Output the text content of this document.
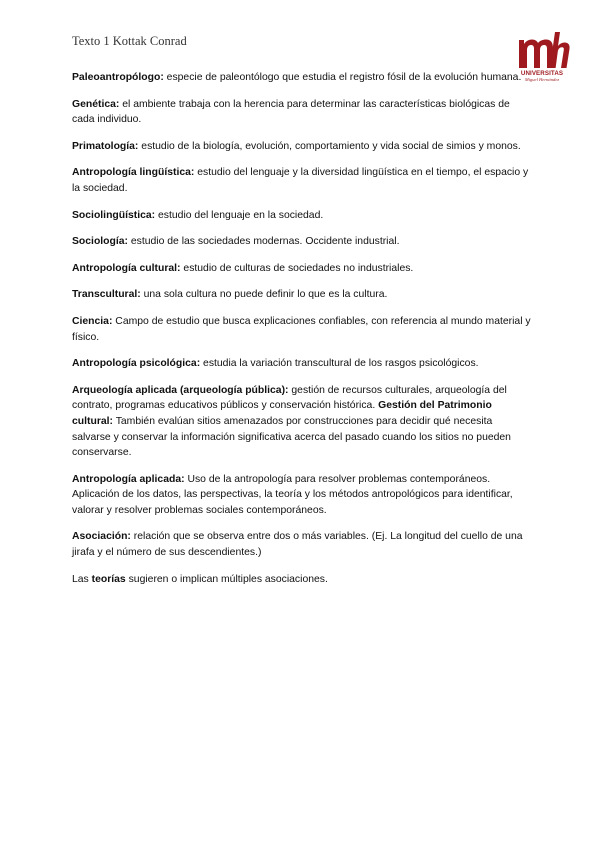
Texto 1 Kottak Conrad
UNIVERSITAS
Miguel Hernández

Paleoantropólogo: especie de paleontólogo que estudia el registro fósil de la evolución humana.

Genética: el ambiente trabaja con la herencia para determinar las características biológicas de cada individuo.

Primatología: estudio de la biología, evolución, comportamiento y vida social de simios y monos.

Antropología lingüística: estudio del lenguaje y la diversidad lingüística en el tiempo, el espacio y la sociedad.

Sociolingüística: estudio del lenguaje en la sociedad.

Sociología: estudio de las sociedades modernas. Occidente industrial.

Antropología cultural: estudio de culturas de sociedades no industriales.

Transcultural: una sola cultura no puede definir lo que es la cultura.

Ciencia: Campo de estudio que busca explicaciones confiables, con referencia al mundo material y físico.

Antropología psicológica: estudia la variación transcultural de los rasgos psicológicos.

Arqueología aplicada (arqueología pública): gestión de recursos culturales, arqueología del contrato, programas educativos públicos y conservación histórica. Gestión del Patrimonio cultural: También evalúan sitios amenazados por construcciones para decidir qué necesita salvarse y conservar la información significativa acerca del pasado cuando los sitios no pueden conservarse.

Antropología aplicada: Uso de la antropología para resolver problemas contemporáneos. Aplicación de los datos, las perspectivas, la teoría y los métodos antropológicos para identificar, valorar y resolver problemas sociales contemporáneos.

Asociación: relación que se observa entre dos o más variables. (Ej. La longitud del cuello de una jirafa y el número de sus descendientes.)

Las teorías sugieren o implican múltiples asociaciones.
